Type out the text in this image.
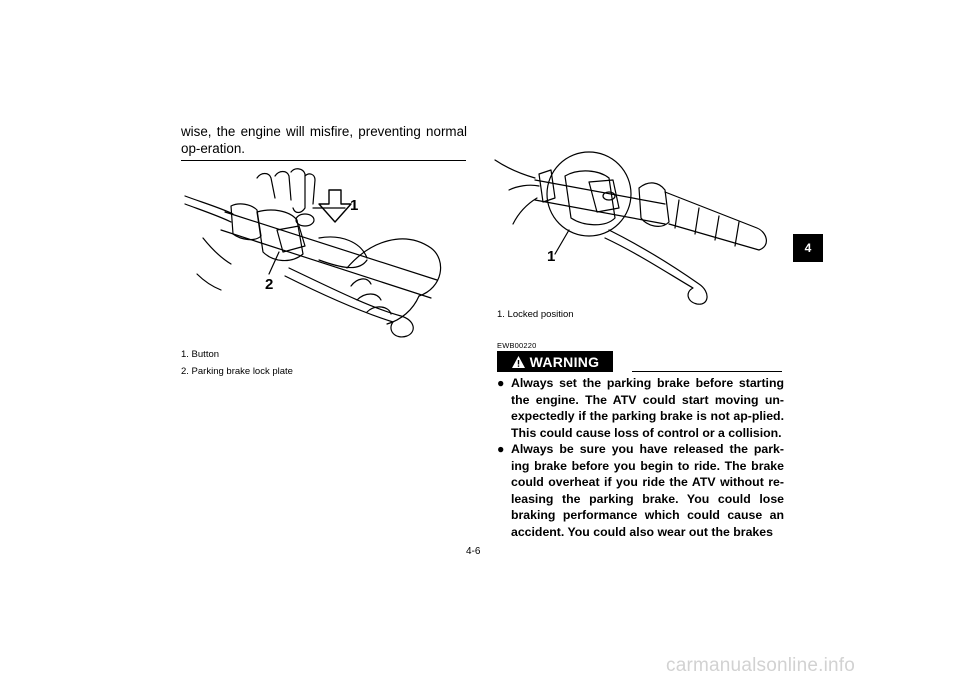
wise, the engine will misfire, preventing normal op-eration.
1
2
1. Button
2. Parking brake lock plate
1
1. Locked position
4
EWB00220
WARNING
● Always set the parking brake before starting the engine. The ATV could start moving un-expectedly if the parking brake is not ap-plied. This could cause loss of control or a collision.
● Always be sure you have released the park-ing brake before you begin to ride. The brake could overheat if you ride the ATV without re-leasing the parking brake. You could lose braking performance which could cause an accident. You could also wear out the brakes
4-6
carmanualsonline.info
